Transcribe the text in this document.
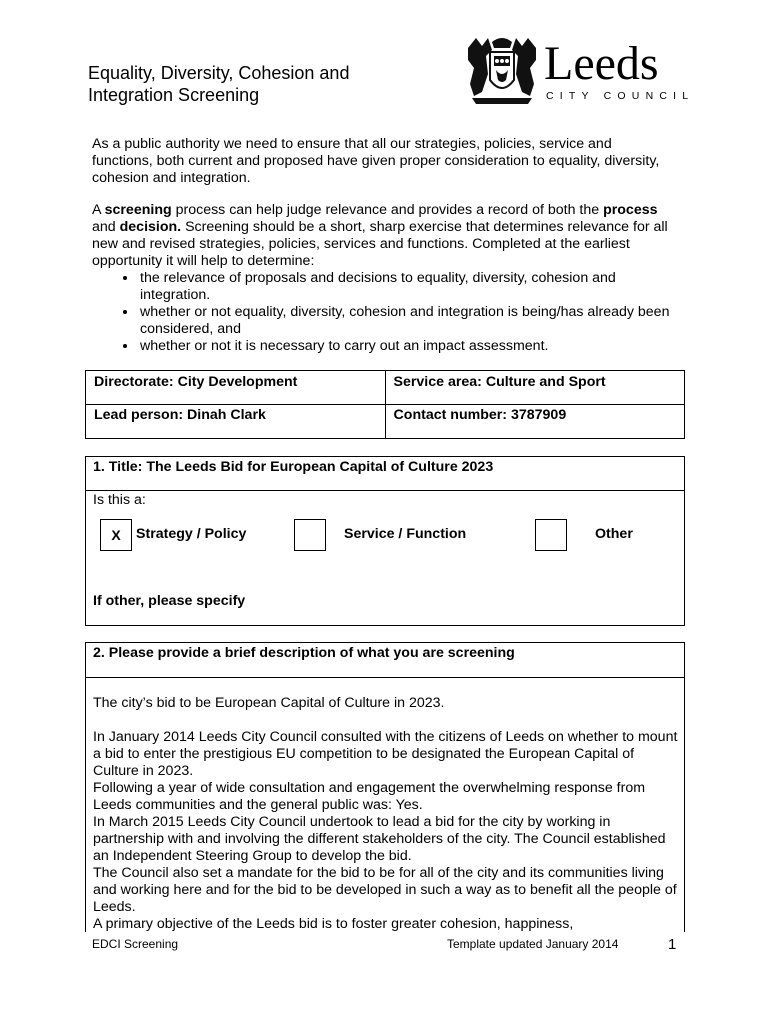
Equality, Diversity, Cohesion and
Integration Screening
Leeds
CITY COUNCIL

As a public authority we need to ensure that all our strategies, policies, service and functions, both current and proposed have given proper consideration to equality, diversity, cohesion and integration.

A screening process can help judge relevance and provides a record of both the process and decision. Screening should be a short, sharp exercise that determines relevance for all new and revised strategies, policies, services and functions. Completed at the earliest opportunity it will help to determine:

• the relevance of proposals and decisions to equality, diversity, cohesion and integration.
• whether or not equality, diversity, cohesion and integration is being/has already been considered, and
• whether or not it is necessary to carry out an impact assessment.
Directorate: City Development	Service area: Culture and Sport
Lead person: Dinah Clark	Contact number: 3787909
1. Title: The Leeds Bid for European Capital of Culture 2023
Is this a:
X	Strategy / Policy	Service / Function	Other
If other, please specify
2. Please provide a brief description of what you are screening
The city’s bid to be European Capital of Culture in 2023.
In January 2014 Leeds City Council consulted with the citizens of Leeds on whether to mount a bid to enter the prestigious EU competition to be designated the European Capital of Culture in 2023.
Following a year of wide consultation and engagement the overwhelming response from Leeds communities and the general public was: Yes.
In March 2015 Leeds City Council undertook to lead a bid for the city by working in partnership with and involving the different stakeholders of the city. The Council established an Independent Steering Group to develop the bid.
The Council also set a mandate for the bid to be for all of the city and its communities living and working here and for the bid to be developed in such a way as to benefit all the people of Leeds.
A primary objective of the Leeds bid is to foster greater cohesion, happiness,
EDCI Screening	Template updated January 2014	1
